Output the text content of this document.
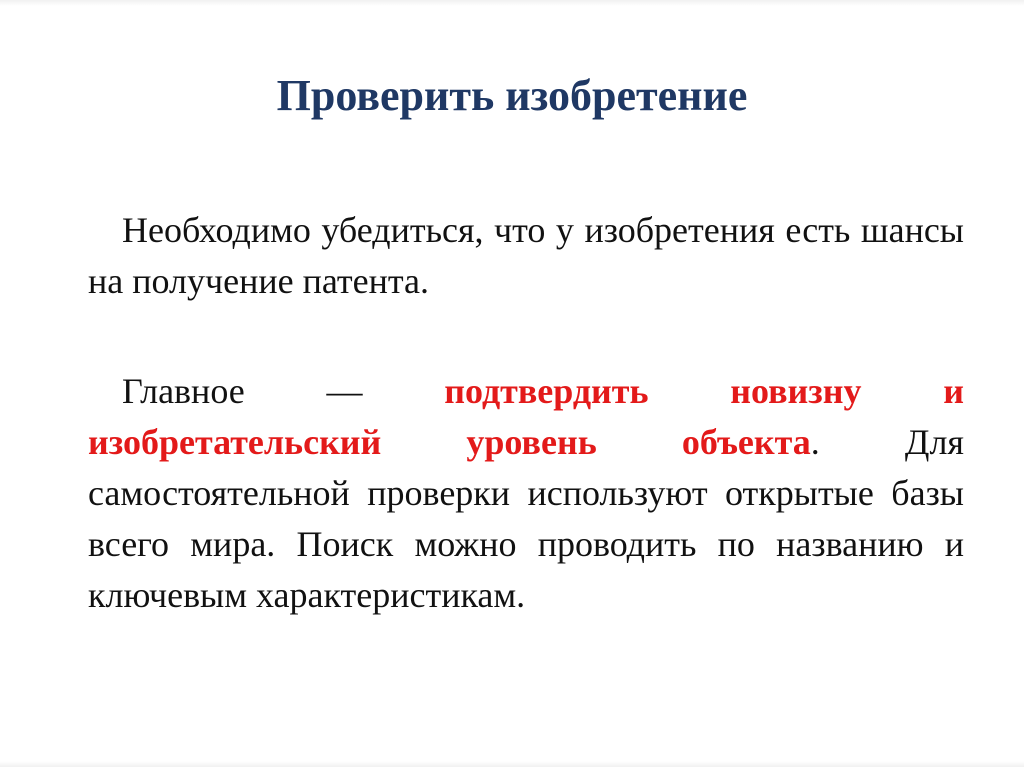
Проверить изобретение

Необходимо убедиться, что у изобретения есть шансы на получение патента.

Главное — подтвердить новизну и изобретательский уровень объекта. Для самостоятельной проверки используют открытые базы всего мира. Поиск можно проводить по названию и ключевым характеристикам.
